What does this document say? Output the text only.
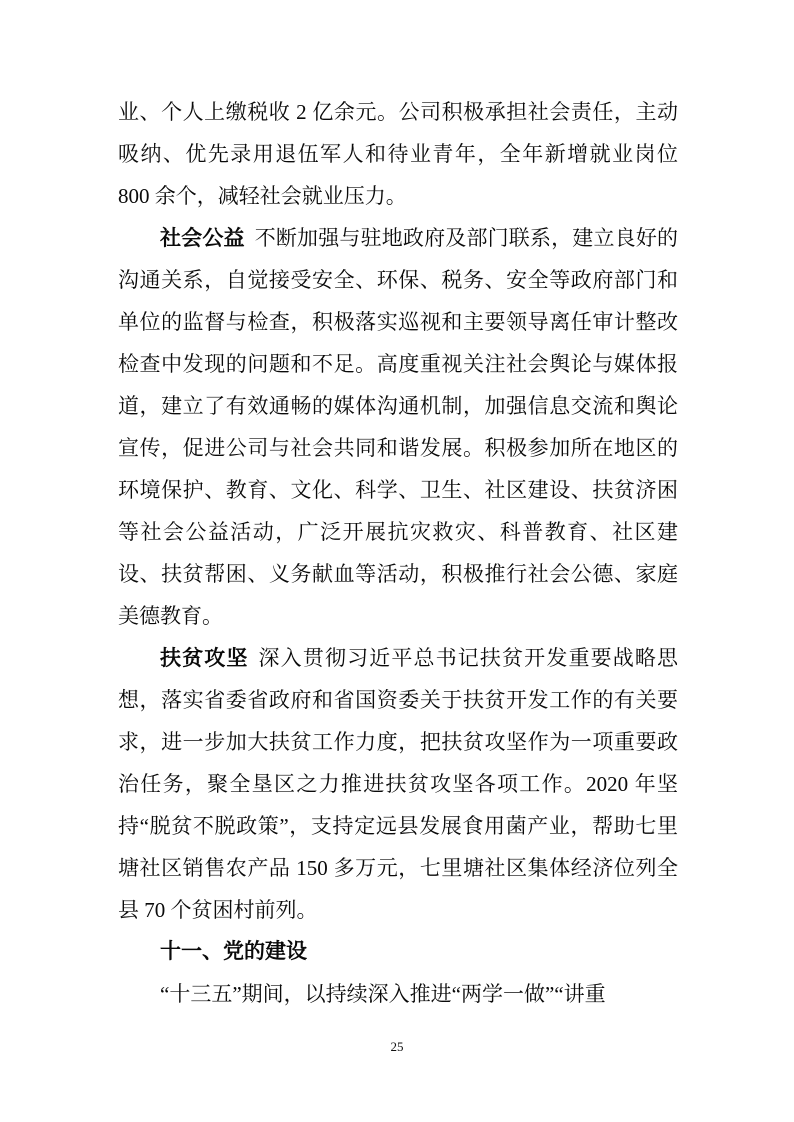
业、个人上缴税收 2 亿余元。公司积极承担社会责任，主动吸纳、优先录用退伍军人和待业青年，全年新增就业岗位 800 余个，减轻社会就业压力。

社会公益 不断加强与驻地政府及部门联系，建立良好的沟通关系，自觉接受安全、环保、税务、安全等政府部门和单位的监督与检查，积极落实巡视和主要领导离任审计整改检查中发现的问题和不足。高度重视关注社会舆论与媒体报道，建立了有效通畅的媒体沟通机制，加强信息交流和舆论宣传，促进公司与社会共同和谐发展。积极参加所在地区的环境保护、教育、文化、科学、卫生、社区建设、扶贫济困等社会公益活动，广泛开展抗灾救灾、科普教育、社区建设、扶贫帮困、义务献血等活动，积极推行社会公德、家庭美德教育。

扶贫攻坚 深入贯彻习近平总书记扶贫开发重要战略思想，落实省委省政府和省国资委关于扶贫开发工作的有关要求，进一步加大扶贫工作力度，把扶贫攻坚作为一项重要政治任务，聚全垦区之力推进扶贫攻坚各项工作。2020 年坚持“脱贫不脱政策”，支持定远县发展食用菌产业，帮助七里塘社区销售农产品 150 多万元，七里塘社区集体经济位列全县 70 个贫困村前列。

十一、党的建设

“十三五”期间，以持续深入推进“两学一做”“讲重

25
